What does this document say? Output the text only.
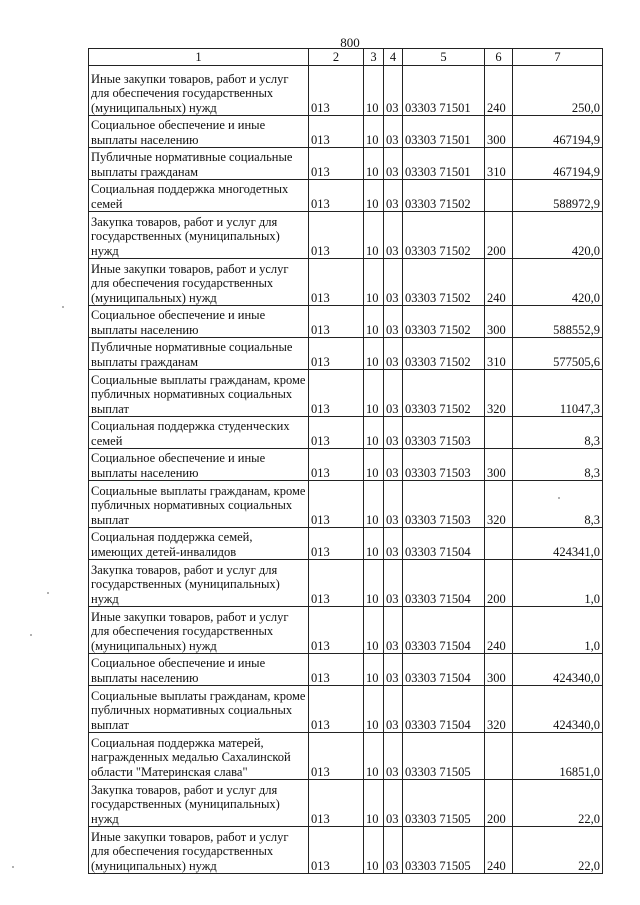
800
1	2	3	4	5	6	7
Иные закупки товаров, работ и услуг для обеспечения государственных (муниципальных) нужд	013	10	03	03303 71501	240	250,0
Социальное обеспечение и иные выплаты населению	013	10	03	03303 71501	300	467194,9
Публичные нормативные социальные выплаты гражданам	013	10	03	03303 71501	310	467194,9
Социальная поддержка многодетных семей	013	10	03	03303 71502		588972,9
Закупка товаров, работ и услуг для государственных (муниципальных) нужд	013	10	03	03303 71502	200	420,0
Иные закупки товаров, работ и услуг для обеспечения государственных (муниципальных) нужд	013	10	03	03303 71502	240	420,0
Социальное обеспечение и иные выплаты населению	013	10	03	03303 71502	300	588552,9
Публичные нормативные социальные выплаты гражданам	013	10	03	03303 71502	310	577505,6
Социальные выплаты гражданам, кроме публичных нормативных социальных выплат	013	10	03	03303 71502	320	11047,3
Социальная поддержка студенческих семей	013	10	03	03303 71503		8,3
Социальное обеспечение и иные выплаты населению	013	10	03	03303 71503	300	8,3
Социальные выплаты гражданам, кроме публичных нормативных социальных выплат	013	10	03	03303 71503	320	8,3
Социальная поддержка семей, имеющих детей-инвалидов	013	10	03	03303 71504		424341,0
Закупка товаров, работ и услуг для государственных (муниципальных) нужд	013	10	03	03303 71504	200	1,0
Иные закупки товаров, работ и услуг для обеспечения государственных (муниципальных) нужд	013	10	03	03303 71504	240	1,0
Социальное обеспечение и иные выплаты населению	013	10	03	03303 71504	300	424340,0
Социальные выплаты гражданам, кроме публичных нормативных социальных выплат	013	10	03	03303 71504	320	424340,0
Социальная поддержка матерей, награжденных медалью Сахалинской области "Материнская слава"	013	10	03	03303 71505		16851,0
Закупка товаров, работ и услуг для государственных (муниципальных) нужд	013	10	03	03303 71505	200	22,0
Иные закупки товаров, работ и услуг для обеспечения государственных (муниципальных) нужд	013	10	03	03303 71505	240	22,0
